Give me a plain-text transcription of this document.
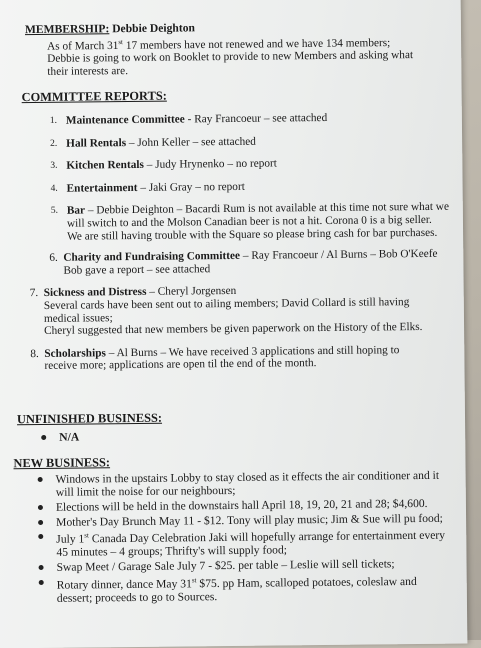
MEMBERSHIP: Debbie Deighton

As of March 31st 17 members have not renewed and we have 134 members;

Debbie is going to work on Booklet to provide to new Members and asking what

their interests are.

COMMITTEE REPORTS:

1. Maintenance Committee - Ray Francoeur – see attached
2. Hall Rentals – John Keller – see attached
3. Kitchen Rentals – Judy Hrynenko – no report
4. Entertainment – Jaki Gray – no report
5. Bar – Debbie Deighton – Bacardi Rum is not available at this time not sure what we
will switch to and the Molson Canadian beer is not a hit. Corona 0 is a big seller.
We are still having trouble with the Square so please bring cash for bar purchases.
6. Charity and Fundraising Committee – Ray Francoeur / Al Burns – Bob O'Keefe
Bob gave a report – see attached
7. Sickness and Distress – Cheryl Jorgensen
Several cards have been sent out to ailing members; David Collard is still having
medical issues;
Cheryl suggested that new members be given paperwork on the History of the Elks.
8. Scholarships – Al Burns – We have received 3 applications and still hoping to
receive more; applications are open til the end of the month.

UNFINISHED BUSINESS:

N/A

NEW BUSINESS:

Windows in the upstairs Lobby to stay closed as it effects the air conditioner and it
will limit the noise for our neighbours;
Elections will be held in the downstairs hall April 18, 19, 20, 21 and 28; $4,600.
Mother's Day Brunch May 11 - $12. Tony will play music; Jim & Sue will pu food;
July 1st Canada Day Celebration Jaki will hopefully arrange for entertainment every
45 minutes – 4 groups; Thrifty's will supply food;
Swap Meet / Garage Sale July 7 - $25. per table – Leslie will sell tickets;
Rotary dinner, dance May 31st $75. pp Ham, scalloped potatoes, coleslaw and
dessert; proceeds to go to Sources.
